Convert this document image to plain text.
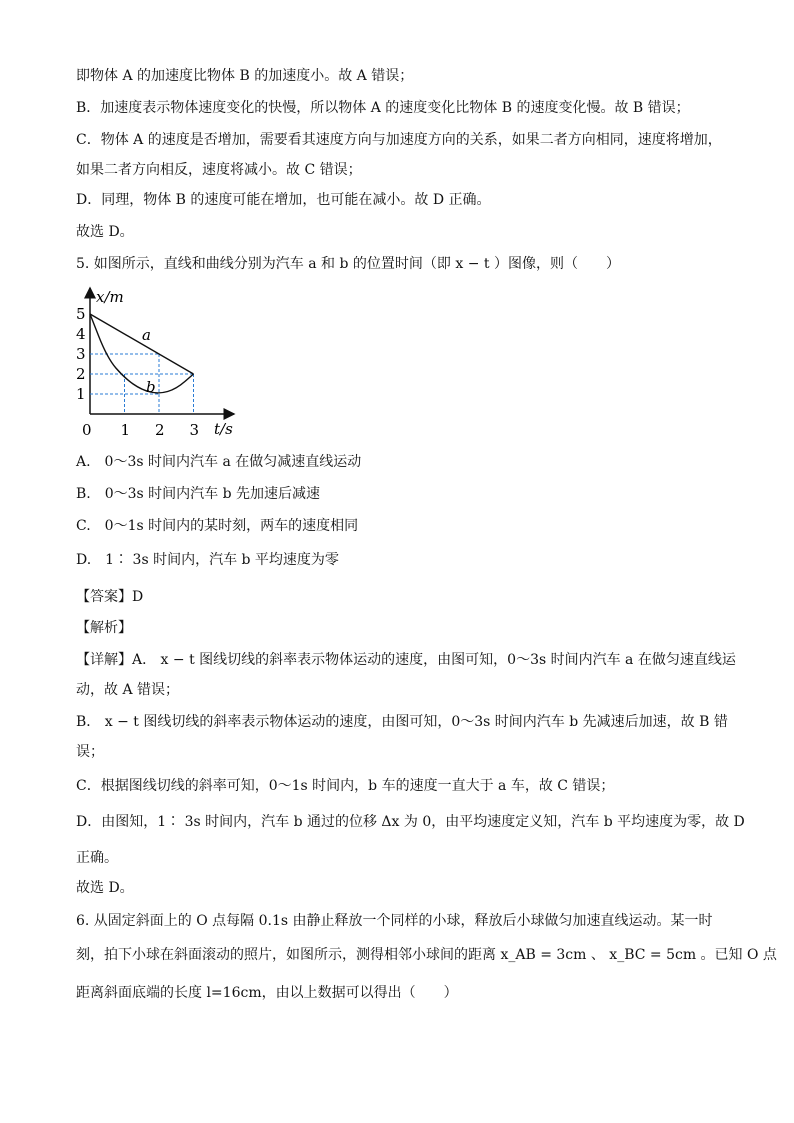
即物体 A 的加速度比物体 B 的加速度小。故 A 错误；
B．加速度表示物体速度变化的快慢，所以物体 A 的速度变化比物体 B 的速度变化慢。故 B 错误；
C．物体 A 的速度是否增加，需要看其速度方向与加速度方向的关系，如果二者方向相同，速度将增加，
如果二者方向相反，速度将减小。故 C 错误；
D．同理，物体 B 的速度可能在增加，也可能在减小。故 D 正确。
故选 D。
5. 如图所示，直线和曲线分别为汽车 a 和 b 的位置时间（即 x − t ）图像，则（　　）
1
2
3
4
5
1 2 3
x/m
t/s
0
a
b
A.　0～3s 时间内汽车 a 在做匀减速直线运动
B.　0～3s 时间内汽车 b 先加速后减速
C.　0～1s 时间内的某时刻，两车的速度相同
D.　1∶ 3s 时间内，汽车 b 平均速度为零
【答案】D
【解析】
【详解】A． x − t 图线切线的斜率表示物体运动的速度，由图可知，0～3s 时间内汽车 a 在做匀速直线运
动，故 A 错误；
B． x − t 图线切线的斜率表示物体运动的速度，由图可知，0～3s 时间内汽车 b 先减速后加速，故 B 错
误；
C．根据图线切线的斜率可知，0～1s 时间内，b 车的速度一直大于 a 车，故 C 错误；
D．由图知，1∶ 3s 时间内，汽车 b 通过的位移 Δx 为 0，由平均速度定义知，汽车 b 平均速度为零，故 D
正确。
故选 D。
6. 从固定斜面上的 O 点每隔 0.1s 由静止释放一个同样的小球，释放后小球做匀加速直线运动。某一时
刻，拍下小球在斜面滚动的照片，如图所示，测得相邻小球间的距离 x_AB = 3cm 、 x_BC = 5cm 。已知 O 点
距离斜面底端的长度 l=16cm，由以上数据可以得出（　　）
